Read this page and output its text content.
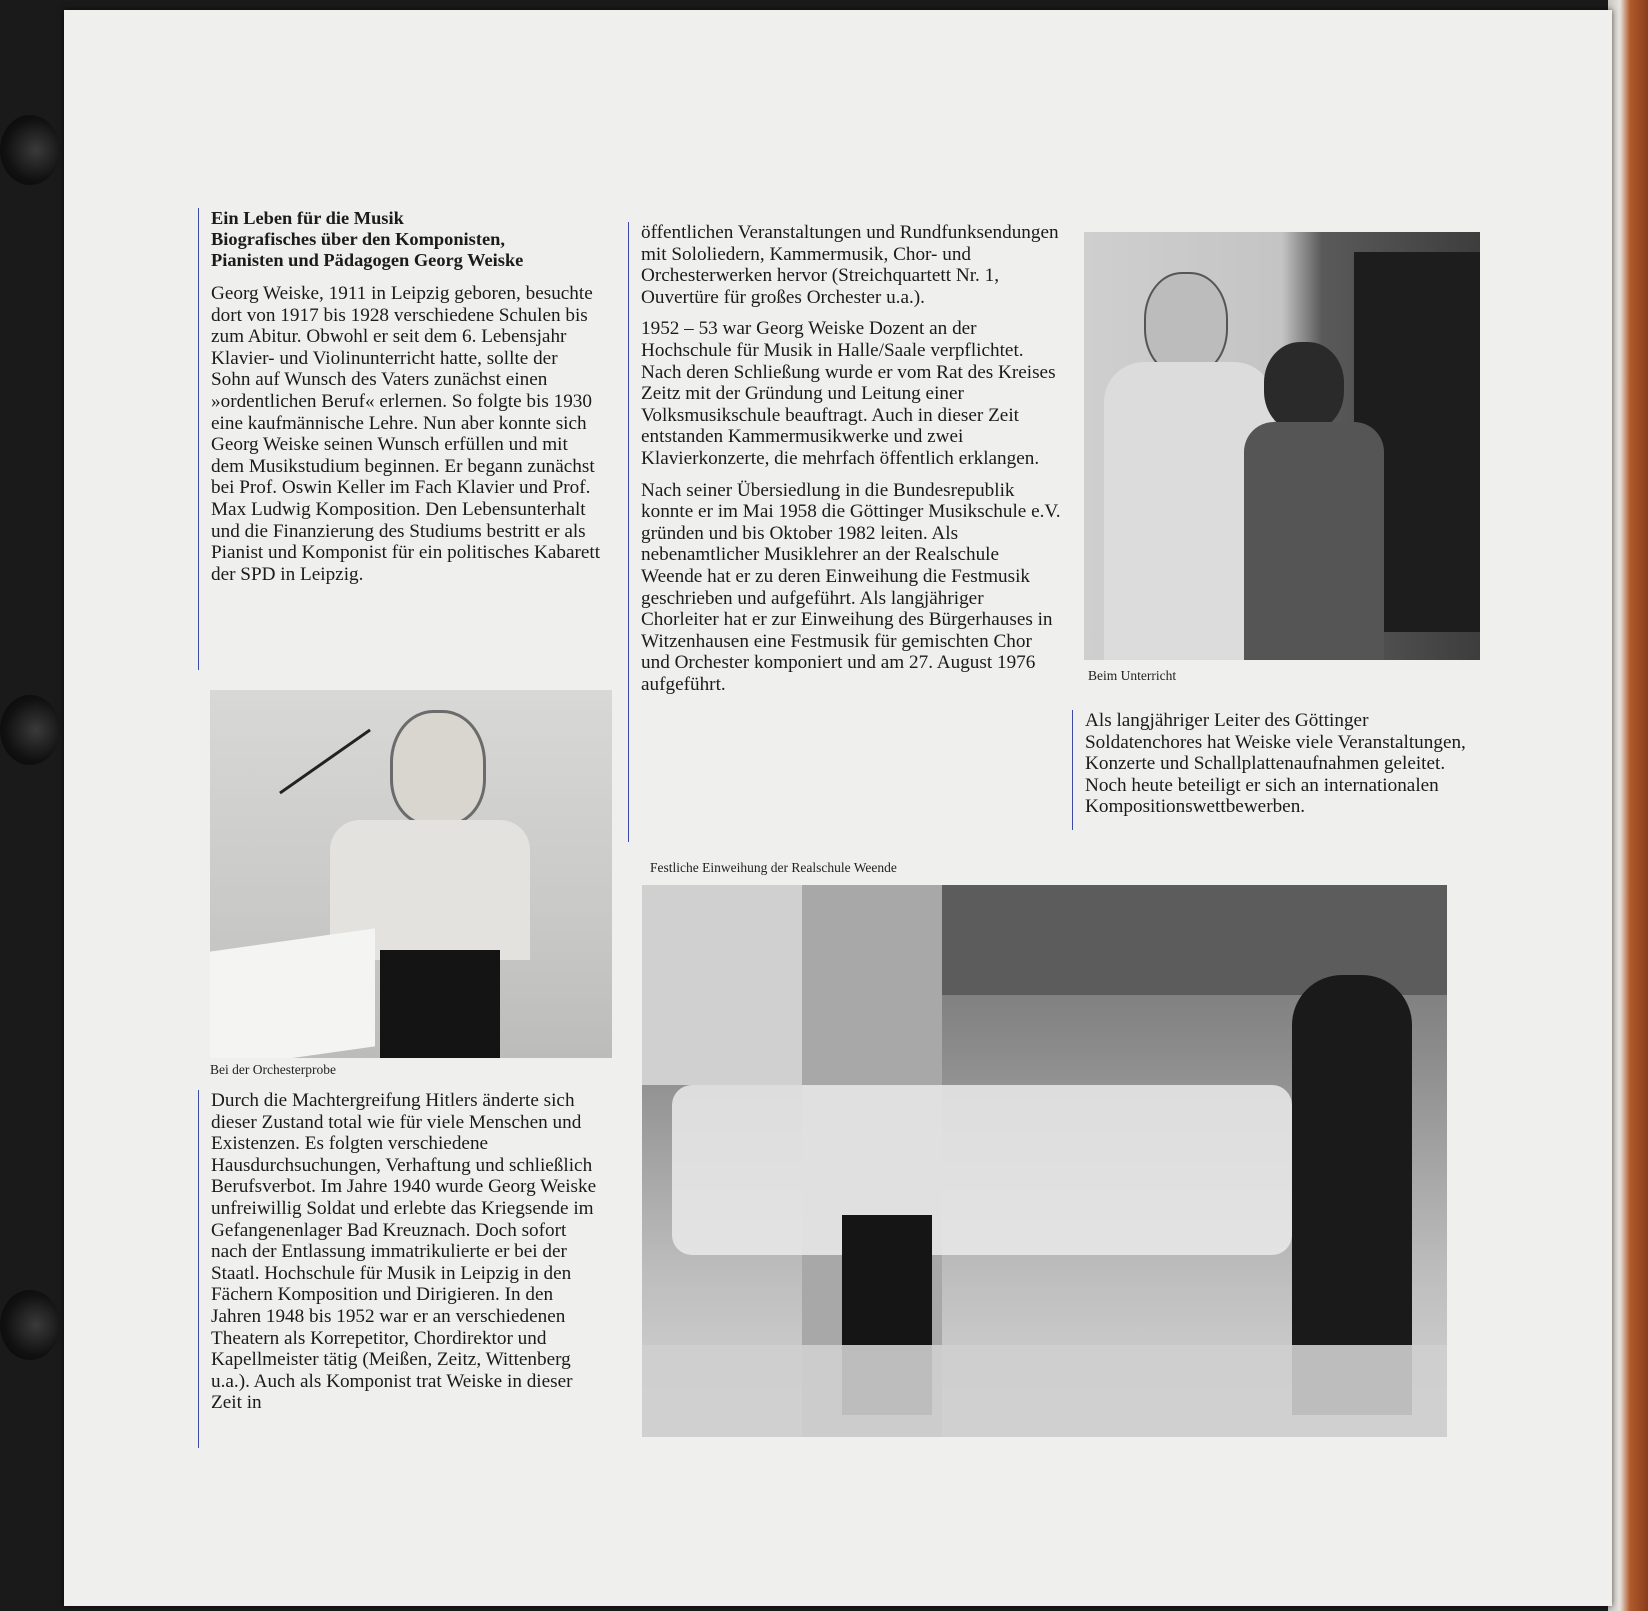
Ein Leben für die Musik
Biografisches über den Komponisten,
Pianisten und Pädagogen Georg Weiske

Georg Weiske, 1911 in Leipzig geboren, besuchte dort von 1917 bis 1928 verschiedene Schulen bis zum Abitur. Obwohl er seit dem 6. Lebensjahr Klavier- und Violinunterricht hatte, sollte der Sohn auf Wunsch des Vaters zunächst einen »ordentlichen Beruf« erlernen. So folgte bis 1930 eine kaufmännische Lehre. Nun aber konnte sich Georg Weiske seinen Wunsch erfüllen und mit dem Musikstudium beginnen. Er begann zunächst bei Prof. Oswin Keller im Fach Klavier und Prof. Max Ludwig Komposition. Den Lebensunterhalt und die Finanzierung des Studiums bestritt er als Pianist und Komponist für ein politisches Kabarett der SPD in Leipzig.

Bei der Orchesterprobe

Durch die Machtergreifung Hitlers änderte sich dieser Zustand total wie für viele Menschen und Existenzen. Es folgten verschiedene Hausdurchsuchungen, Verhaftung und schließlich Berufsverbot. Im Jahre 1940 wurde Georg Weiske unfreiwillig Soldat und erlebte das Kriegsende im Gefangenenlager Bad Kreuznach. Doch sofort nach der Entlassung immatrikulierte er bei der Staatl. Hochschule für Musik in Leipzig in den Fächern Komposition und Dirigieren. In den Jahren 1948 bis 1952 war er an verschiedenen Theatern als Korrepetitor, Chordirektor und Kapellmeister tätig (Meißen, Zeitz, Wittenberg u.a.). Auch als Komponist trat Weiske in dieser Zeit in

öffentlichen Veranstaltungen und Rundfunksendungen mit Sololiedern, Kammermusik, Chor- und Orchesterwerken hervor (Streichquartett Nr. 1, Ouvertüre für großes Orchester u.a.).

1952 – 53 war Georg Weiske Dozent an der Hochschule für Musik in Halle/Saale verpflichtet. Nach deren Schließung wurde er vom Rat des Kreises Zeitz mit der Gründung und Leitung einer Volksmusikschule beauftragt. Auch in dieser Zeit entstanden Kammermusikwerke und zwei Klavierkonzerte, die mehrfach öffentlich erklangen.

Nach seiner Übersiedlung in die Bundesrepublik konnte er im Mai 1958 die Göttinger Musikschule e.V. gründen und bis Oktober 1982 leiten. Als nebenamtlicher Musiklehrer an der Realschule Weende hat er zu deren Einweihung die Festmusik geschrieben und aufgeführt. Als langjähriger Chorleiter hat er zur Einweihung des Bürgerhauses in Witzenhausen eine Festmusik für gemischten Chor und Orchester komponiert und am 27. August 1976 aufgeführt.	Beim Unterricht

Als langjähriger Leiter des Göttinger Soldatenchores hat Weiske viele Veranstaltungen, Konzerte und Schallplattenaufnahmen geleitet. Noch heute beteiligt er sich an internationalen Kompositionswettbewerben.

Festliche Einweihung der Realschule Weende
